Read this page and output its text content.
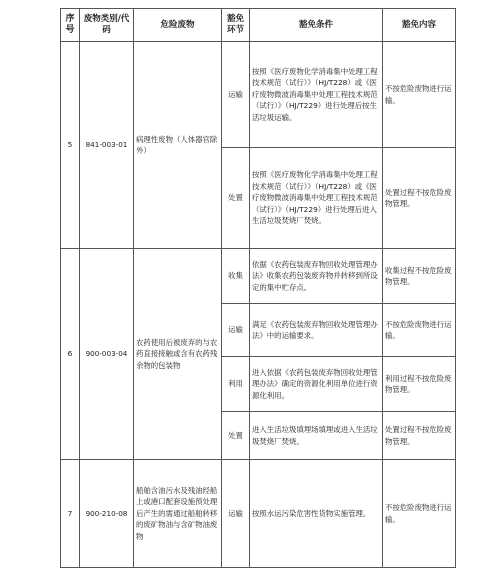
序号	废物类别/代码	危险废物	豁免环节	豁免条件	豁免内容
5	841-003-01	病理性废物（人体器官除外）	运输	按照《医疗废物化学消毒集中处理工程技术规范（试行）》（HJ/T228）或《医疗废物微波消毒集中处理工程技术规范（试行）》（HJ/T229）进行处理后按生活垃圾运输。	不按危险废物进行运输。
			处置	按照《医疗废物化学消毒集中处理工程技术规范（试行）》（HJ/T228）或《医疗废物微波消毒集中处理工程技术规范（试行）》（HJ/T229）进行处理后进入生活垃圾焚烧厂焚烧。	处置过程不按危险废物管理。
6	900-003-04	农药使用后被废弃的与农药直接接触或含有农药残余物的包装物	收集	依据《农药包装废弃物回收处理管理办法》收集农药包装废弃物并转移到所设定的集中贮存点。	收集过程不按危险废物管理。
			运输	满足《农药包装废弃物回收处理管理办法》中的运输要求。	不按危险废物进行运输。
			利用	进入依据《农药包装废弃物回收处理管理办法》确定的资源化利用单位进行资源化利用。	利用过程不按危险废物管理。
			处置	进入生活垃圾填埋场填埋或进入生活垃圾焚烧厂焚烧。	处置过程不按危险废物管理。
7	900-210-08	船舶含油污水及残油经船上或港口配套设施预处理后产生的需通过船舶转移的废矿物油与含矿物油废物	运输	按照水运污染危害性货物实施管理。	不按危险废物进行运输。
